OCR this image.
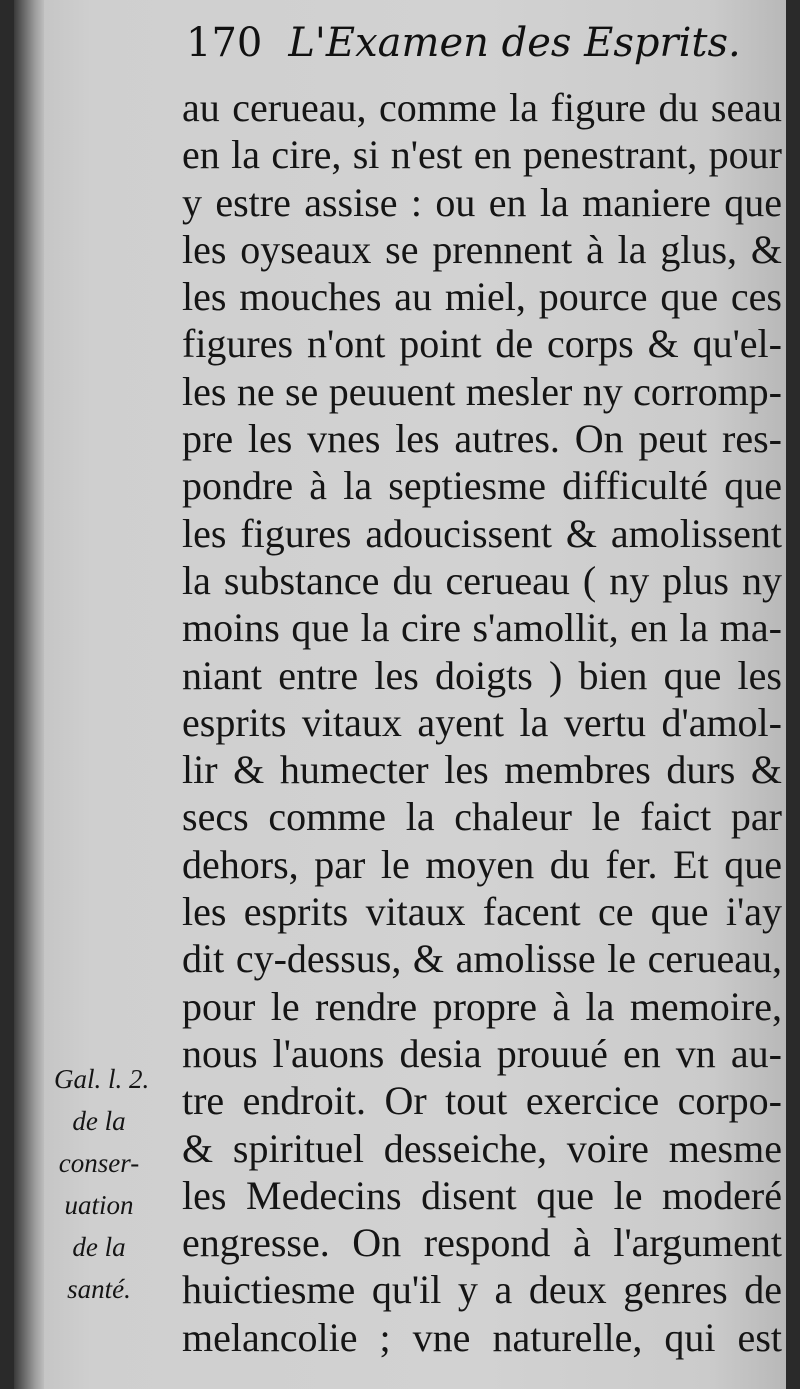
170 L'Examen des Esprits.
au cerueau, comme la figure du seau
en la cire, si n'est en penestrant, pour
y estre assise : ou en la maniere que
les oyseaux se prennent à la glus, &
les mouches au miel, pource que ces
figures n'ont point de corps & qu'el-
les ne se peuuent mesler ny corromp-
pre les vnes les autres. On peut res-
pondre à la septiesme difficulté que
les figures adoucissent & amolissent
la substance du cerueau ( ny plus ny
moins que la cire s'amollit, en la ma-
niant entre les doigts ) bien que les
esprits vitaux ayent la vertu d'amol-
lir & humecter les membres durs &
secs comme la chaleur le faict par
dehors, par le moyen du fer. Et que
les esprits vitaux facent ce que i'ay
dit cy-dessus, & amolisse le cerueau,
pour le rendre propre à la memoire,
nous l'auons desia prouué en vn au-
tre endroit. Or tout exercice corpo-
& spirituel desseiche, voire mesme
les Medecins disent que le moderé
engresse. On respond à l'argument
huictiesme qu'il y a deux genres de
melancolie ; vne naturelle, qui est
Gal. l. 2.
de la
conser-
uation
de la
santé.
